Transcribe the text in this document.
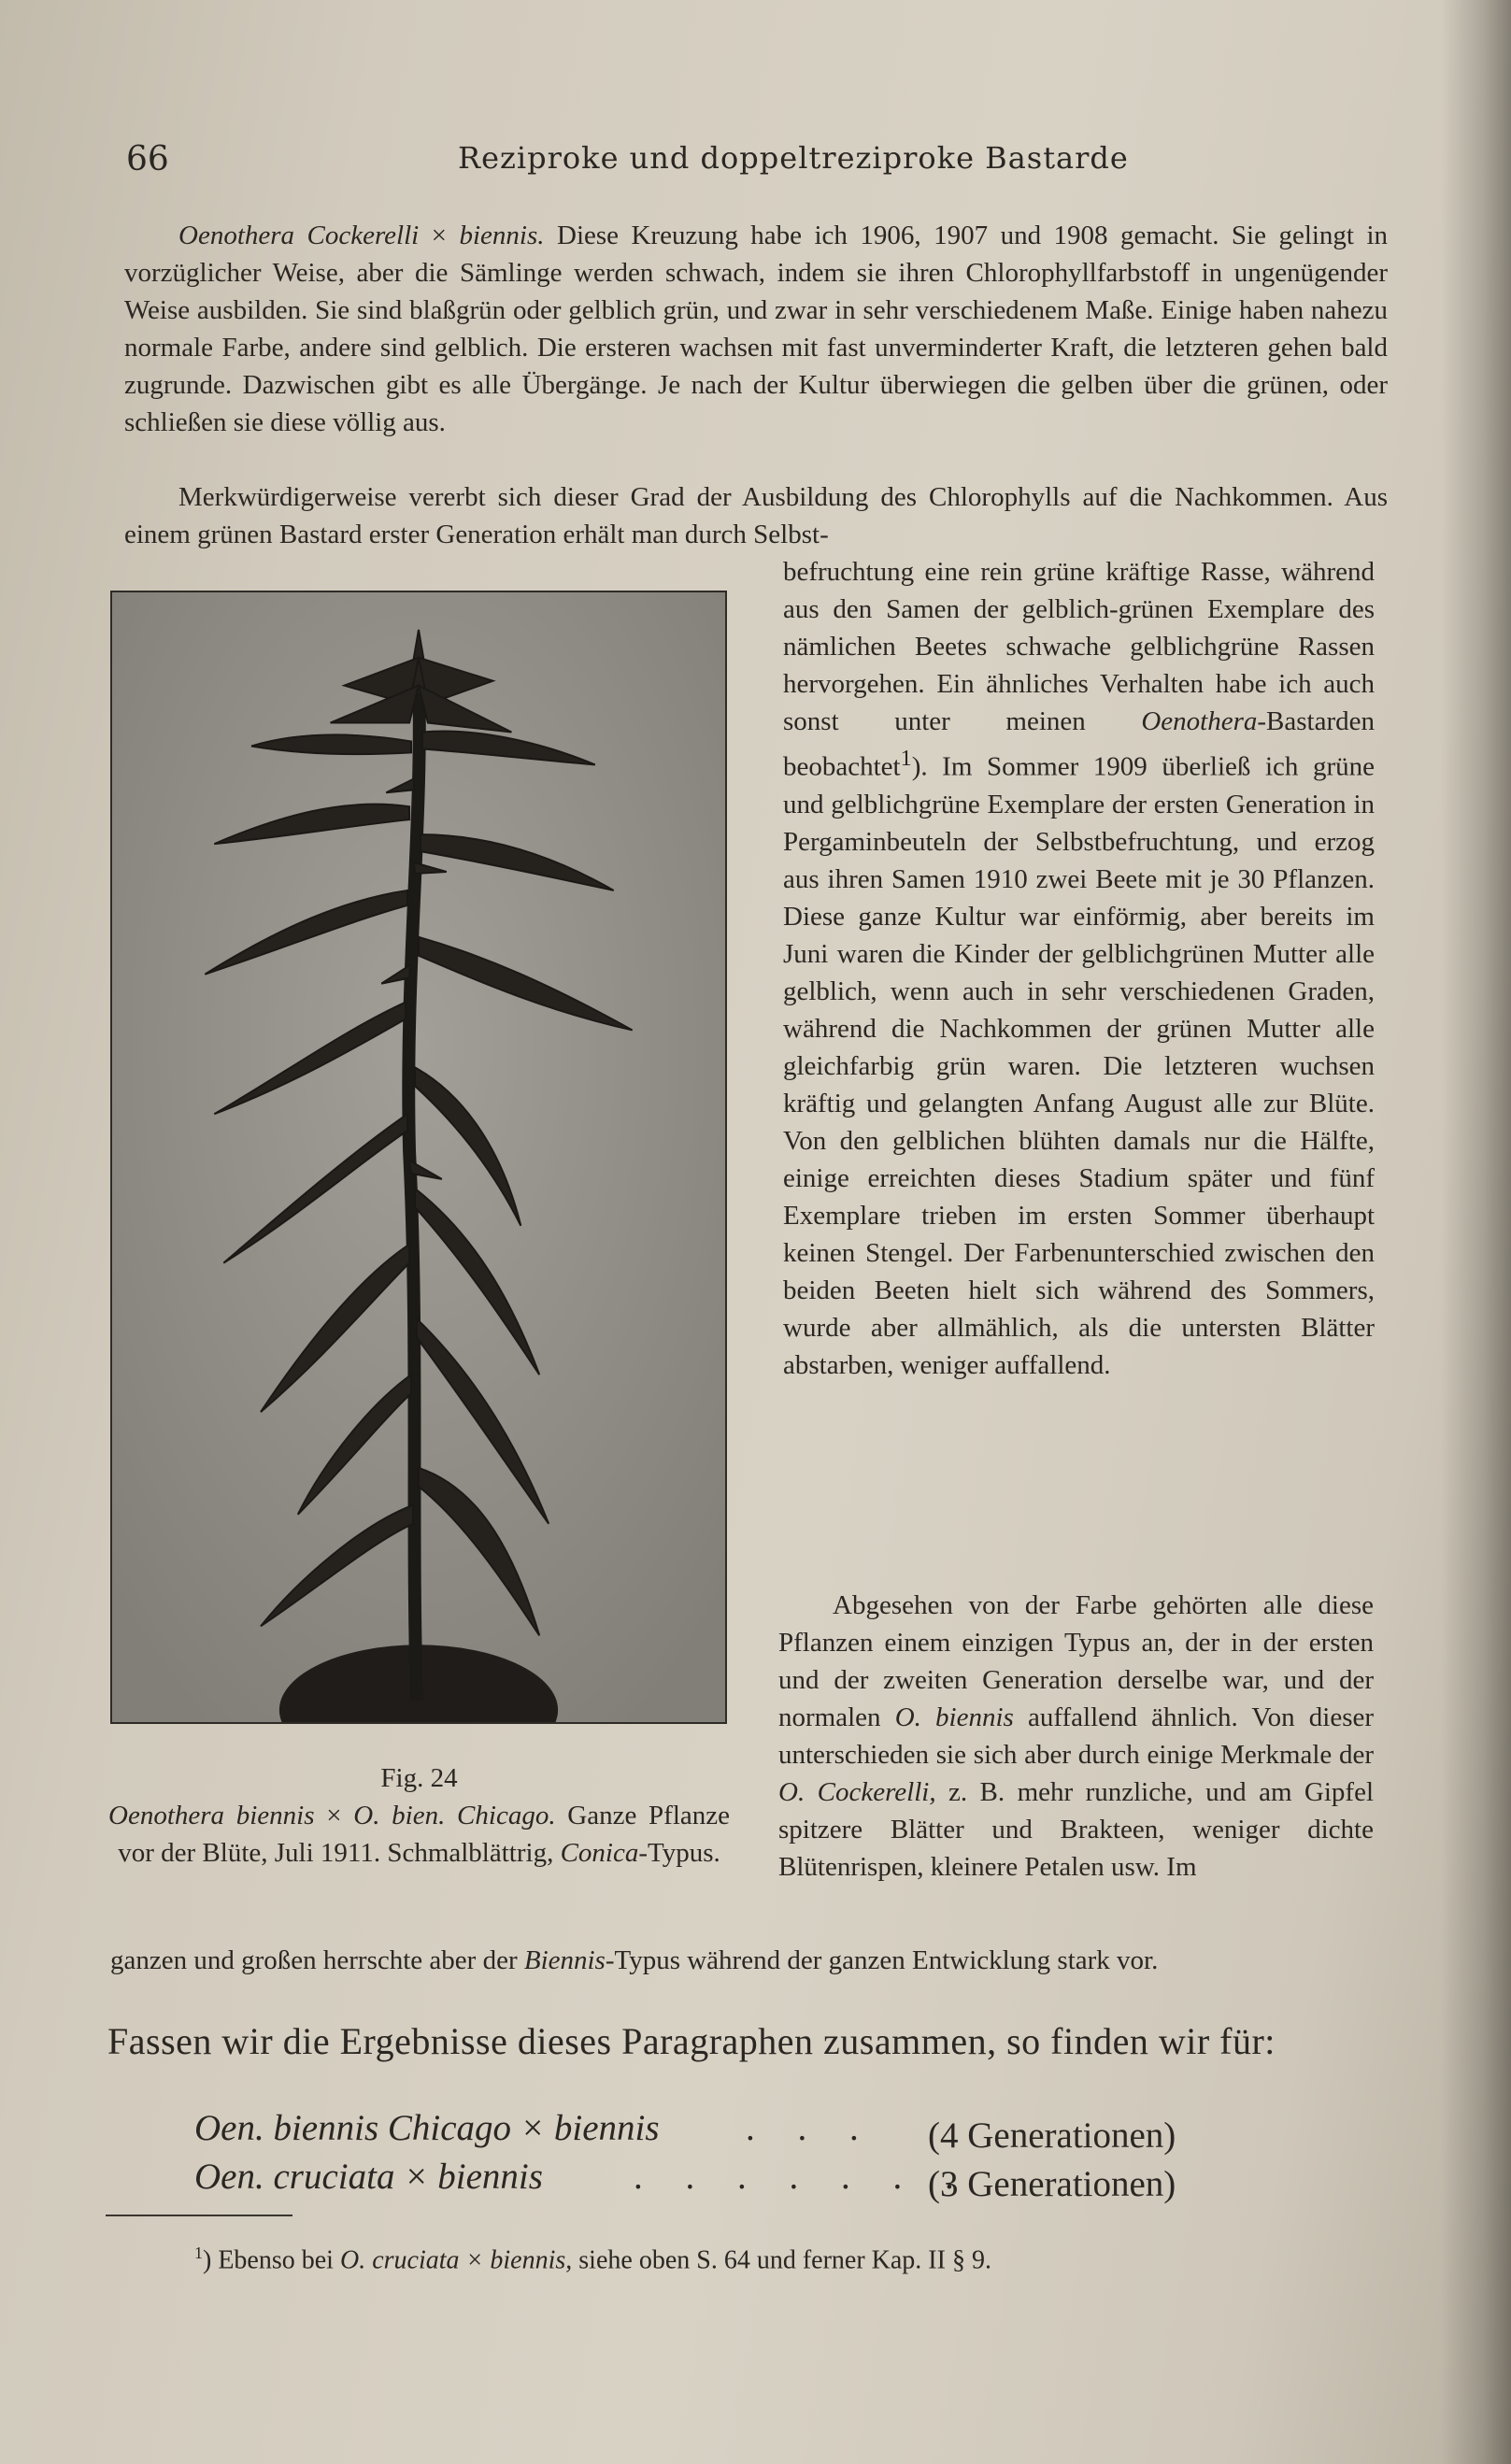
66	Reziproke und doppeltreziproke Bastarde

  Oenothera Cockerelli × biennis. Diese Kreuzung habe ich 1906, 1907 und 1908 gemacht. Sie gelingt in vorzüglicher Weise, aber die Sämlinge werden schwach, indem sie ihren Chlorophyllfarbstoff in ungenügender Weise ausbilden. Sie sind blaßgrün oder gelblich grün, und zwar in sehr verschiedenem Maße. Einige haben nahezu normale Farbe, andere sind gelblich. Die ersteren wachsen mit fast unverminderter Kraft, die letzteren gehen bald zugrunde. Dazwischen gibt es alle Übergänge. Je nach der Kultur überwiegen die gelben über die grünen, oder schließen sie diese völlig aus.

  Merkwürdigerweise vererbt sich dieser Grad der Ausbildung des Chlorophylls auf die Nachkommen. Aus einem grünen Bastard erster Generation erhält man durch Selbst-

befruchtung eine rein grüne kräftige Rasse, während aus den Samen der gelblich-grünen Exemplare des nämlichen Beetes schwache gelblichgrüne Rassen hervorgehen. Ein ähnliches Verhalten habe ich auch sonst unter meinen Oenothera-Bastarden beobachtet$^1$). Im Sommer 1909 überließ ich grüne und gelblichgrüne Exemplare der ersten Generation in Pergaminbeuteln der Selbstbefruchtung, und erzog aus ihren Samen 1910 zwei Beete mit je 30 Pflanzen. Diese ganze Kultur war einförmig, aber bereits im Juni waren die Kinder der gelblichgrünen Mutter alle gelblich, wenn auch in sehr verschiedenen Graden, während die Nachkommen der grünen Mutter alle gleichfarbig grün waren. Die letzteren wuchsen kräftig und gelangten Anfang August alle zur Blüte. Von den gelblichen blühten damals nur die Hälfte, einige erreichten dieses Stadium später und fünf Exemplare trieben im ersten Sommer überhaupt keinen Stengel. Der Farbenunterschied zwischen den beiden Beeten hielt sich während des Sommers, wurde aber allmählich, als die untersten Blätter abstarben, weniger auffallend.

Fig. 24
Oenothera biennis × O. bien. Chicago. Ganze Pflanze vor der Blüte, Juli 1911. Schmalblättrig, Conica-Typus.

  Abgesehen von der Farbe gehörten alle diese Pflanzen einem einzigen Typus an, der in der ersten und der zweiten Generation derselbe war, und der normalen O. biennis auffallend ähnlich. Von dieser unterschieden sie sich aber durch einige Merkmale der O. Cockerelli, z. B. mehr runzliche, und am Gipfel spitzere Blätter und Brakteen, weniger dichte Blütenrispen, kleinere Petalen usw. Im

ganzen und großen herrschte aber der Biennis-Typus während der ganzen Entwicklung stark vor.

Fassen wir die Ergebnisse dieses Paragraphen zusammen, so finden wir für:

Oen. biennis Chicago × biennis . . . (4 Generationen)
Oen. cruciata × biennis . . . . . . .
(3 Generationen)
$^1$) Ebenso bei O. cruciata × biennis, siehe oben S. 64 und ferner Kap. II § 9.
